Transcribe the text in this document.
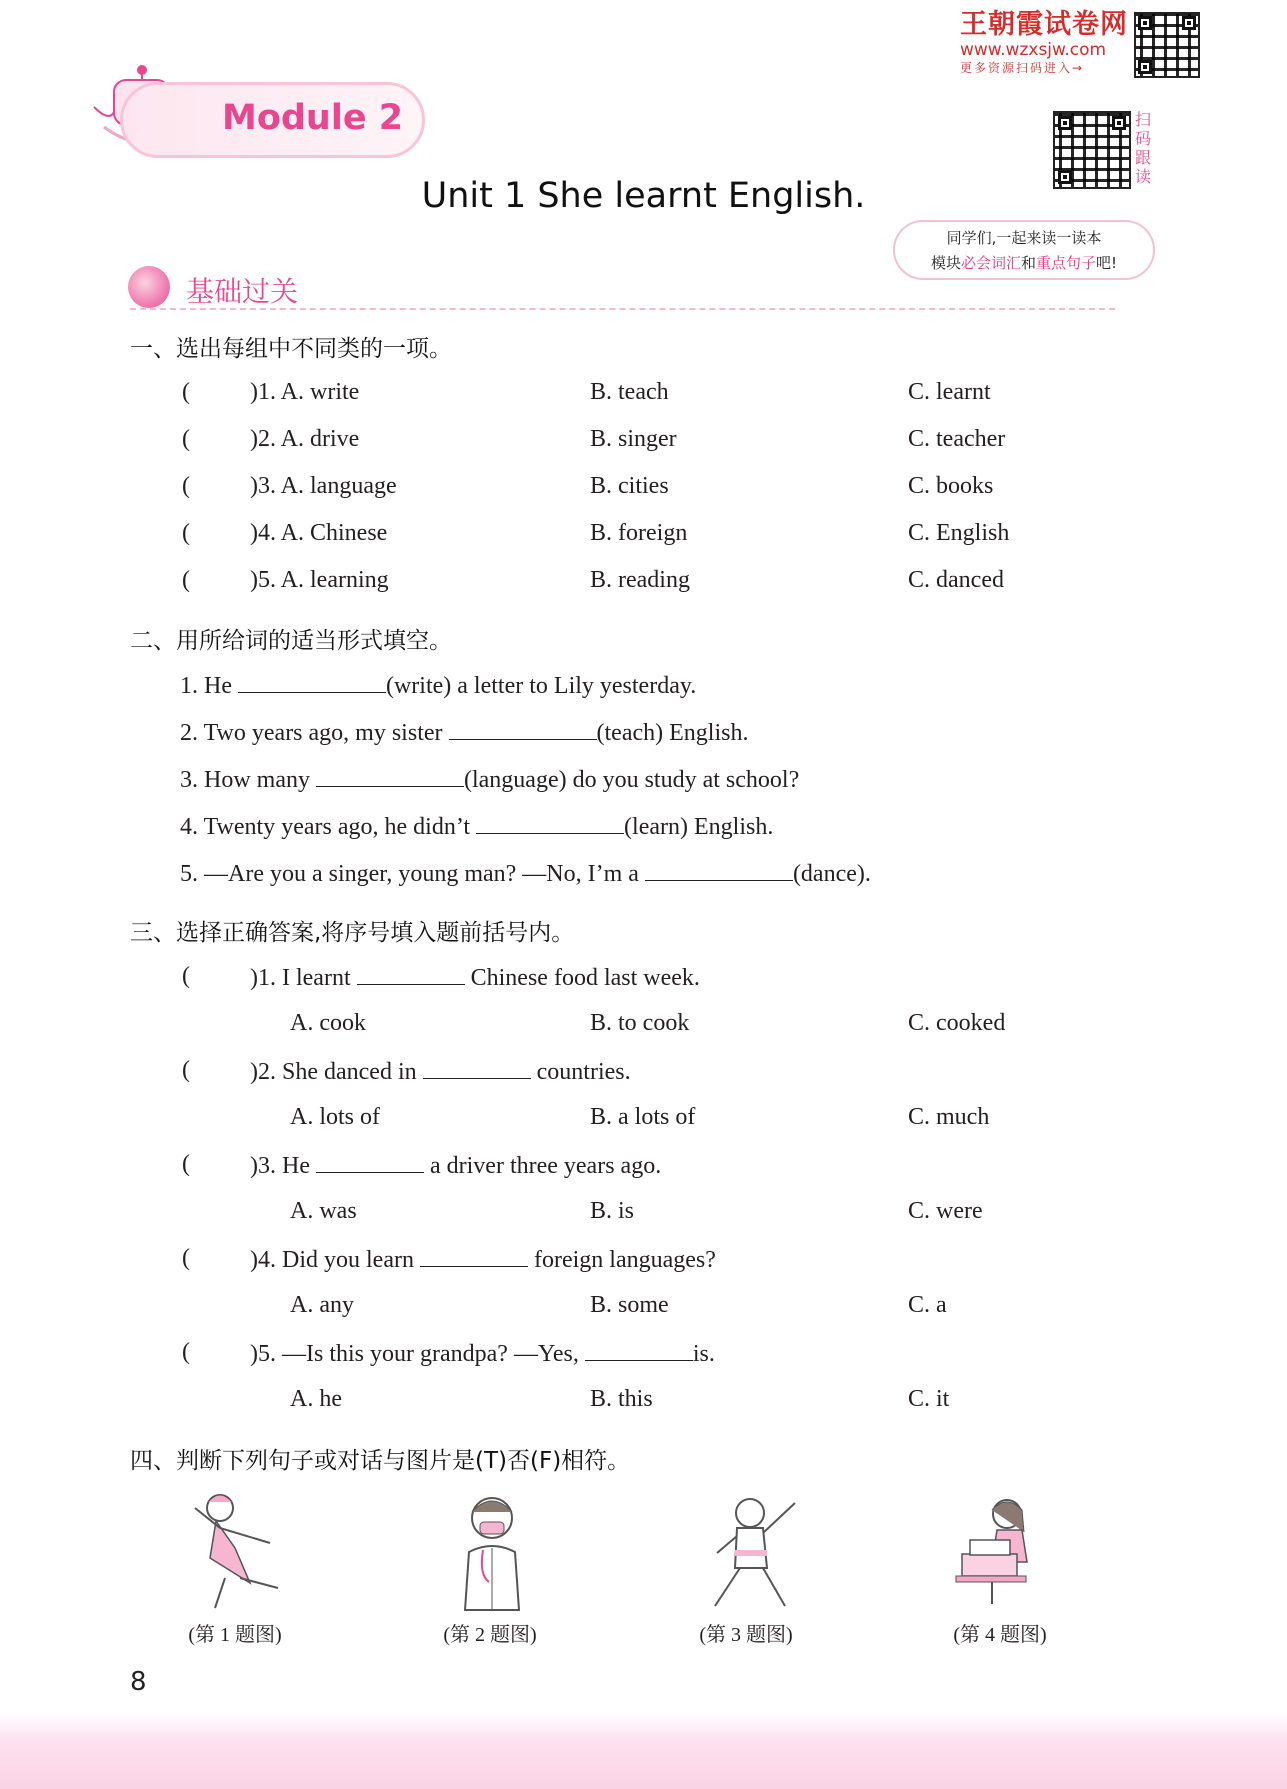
王朝霞试卷网
www.wzxsjw.com
更多资源扫码进入→
扫码跟读
Module 2
Unit 1 She learnt English.
同学们,一起来读一读本
模块必会词汇和重点句子吧!
基础过关
一、选出每组中不同类的一项。
(	)1. A. write	B. teach	C. learnt
(	)2. A. drive	B. singer	C. teacher
(	)3. A. language	B. cities	C. books
(	)4. A. Chinese	B. foreign	C. English
(	)5. A. learning	B. reading	C. danced
二、用所给词的适当形式填空。
1. He	(write) a letter to Lily yesterday.
2. Two years ago, my sister	(teach) English.
3. How many	(language) do you study at school?
4. Twenty years ago, he didn’t	(learn) English.
5. —Are you a singer, young man? —No, I’m a	(dance).
三、选择正确答案,将序号填入题前括号内。
(	)1. I learnt	Chinese food last week.
A. cook	B. to cook	C. cooked
(	)2. She danced in	countries.
A. lots of	B. a lots of	C. much
(	)3. He	a driver three years ago.
A. was	B. is	C. were
(	)4. Did you learn	foreign languages?
A. any	B. some	C. a
(	)5. —Is this your grandpa? —Yes,	is.
A. he	B. this	C. it
四、判断下列句子或对话与图片是(T)否(F)相符。
(第 1 题图)	(第 2 题图)	(第 3 题图)	(第 4 题图)
8
